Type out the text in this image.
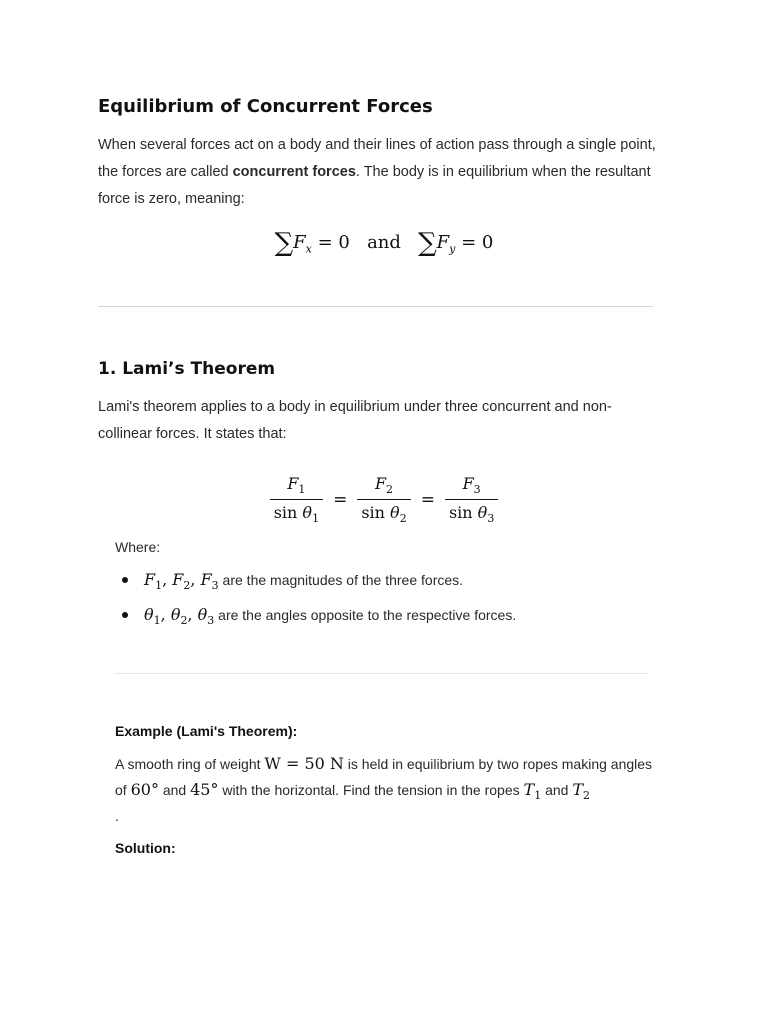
Equilibrium of Concurrent Forces

When several forces act on a body and their lines of action pass through a single point, the forces are called concurrent forces. The body is in equilibrium when the resultant force is zero, meaning:

$\sum F_x = 0$ and $\sum F_y = 0$
1. Lami’s Theorem

Lami's theorem applies to a body in equilibrium under three concurrent and non-collinear forces. It states that:

$\frac{F_1}{\sin \theta_1} = \frac{F_2}{\sin \theta_2} = \frac{F_3}{\sin \theta_3}$
Where:
$F_1$, $F_2$, $F_3$ are the magnitudes of the three forces.
$\theta_1$, $\theta_2$, $\theta_3$ are the angles opposite to the respective forces.
Example (Lami's Theorem):

A smooth ring of weight W = 50 N is held in equilibrium by two ropes making angles of 60° and 45° with the horizontal. Find the tension in the ropes $T_1$ and $T_2$

.
Solution:
